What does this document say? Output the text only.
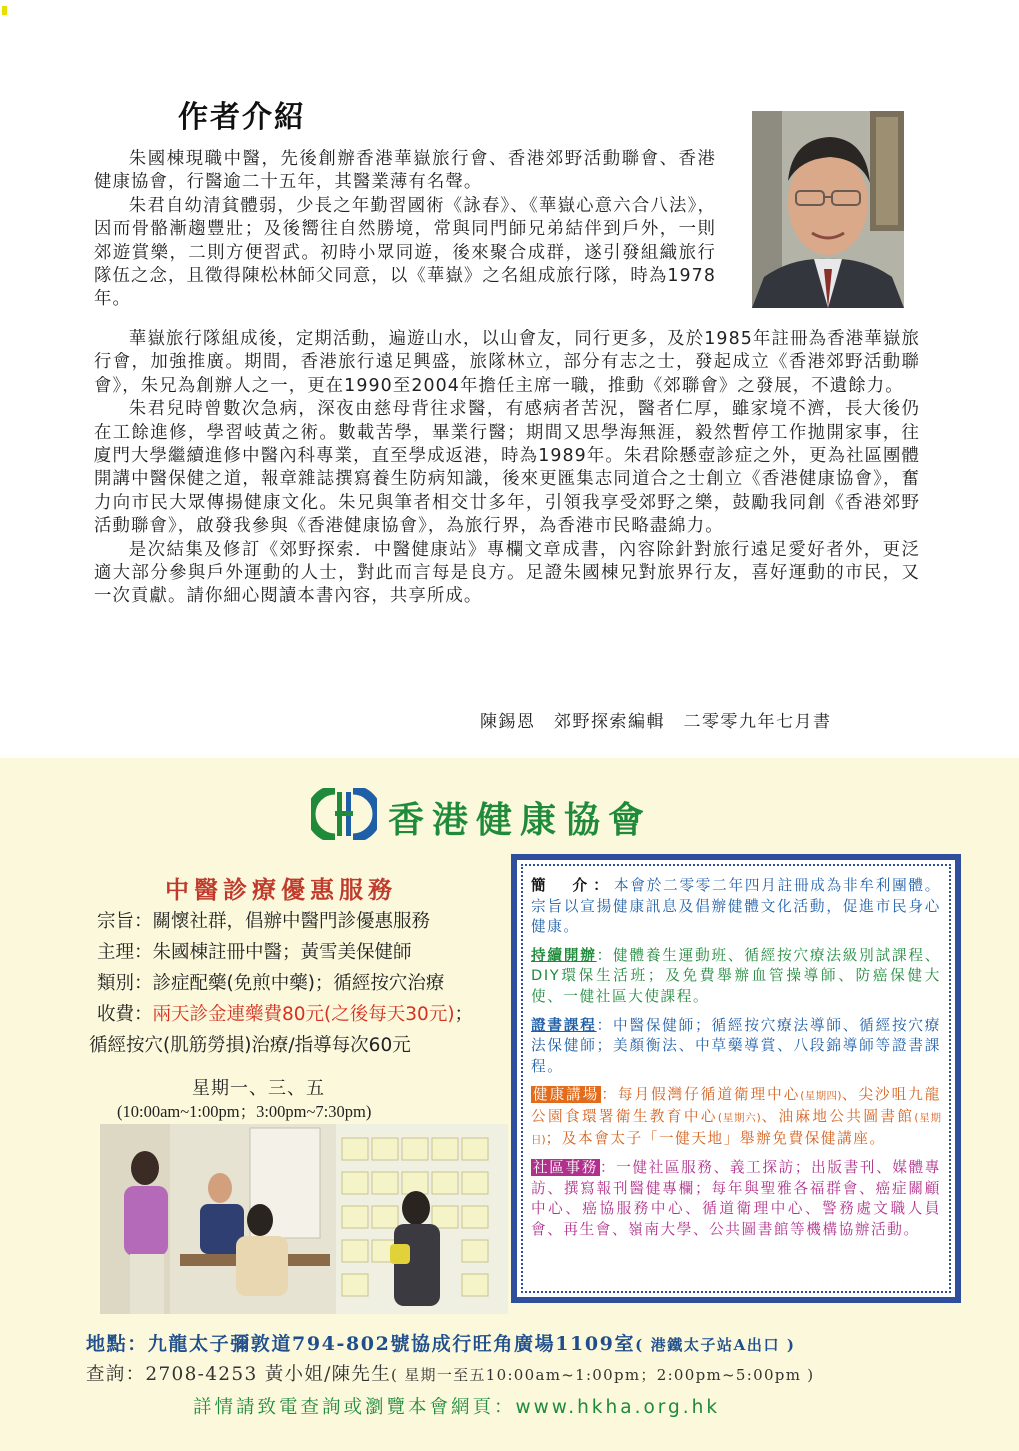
作者介紹

朱國棟現職中醫，先後創辦香港華嶽旅行會、香港郊野活動聯會、香港健康協會，行醫逾二十五年，其醫業薄有名聲。

朱君自幼清貧體弱，少長之年勤習國術《詠春》、《華嶽心意六合八法》，因而骨骼漸趨豐壯；及後嚮往自然勝境，常與同門師兄弟結伴到戶外，一則郊遊賞樂，二則方便習武。初時小眾同遊，後來聚合成群，遂引發組織旅行隊伍之念，且徵得陳松林師父同意，以《華嶽》之名組成旅行隊，時為1978年。

華嶽旅行隊組成後，定期活動，遍遊山水，以山會友，同行更多，及於1985年註冊為香港華嶽旅行會，加強推廣。期間，香港旅行遠足興盛，旅隊林立，部分有志之士，發起成立《香港郊野活動聯會》，朱兄為創辦人之一，更在1990至2004年擔任主席一職，推動《郊聯會》之發展，不遺餘力。

朱君兒時曾數次急病，深夜由慈母背往求醫，有感病者苦況，醫者仁厚，雖家境不濟，長大後仍在工餘進修，學習岐黃之術。數載苦學，畢業行醫；期間又思學海無涯，毅然暫停工作拋開家事，往廈門大學繼續進修中醫內科專業，直至學成返港，時為1989年。朱君除懸壺診症之外，更為社區團體開講中醫保健之道，報章雜誌撰寫養生防病知識，後來更匯集志同道合之士創立《香港健康協會》，奮力向市民大眾傳揚健康文化。朱兄與筆者相交廿多年，引領我享受郊野之樂，鼓勵我同創《香港郊野活動聯會》，啟發我參與《香港健康協會》，為旅行界，為香港市民略盡綿力。

是次結集及修訂《郊野探索．中醫健康站》專欄文章成書，內容除針對旅行遠足愛好者外，更泛適大部分參與戶外運動的人士，對此而言每是良方。足證朱國棟兄對旅界行友，喜好運動的市民，又一次貢獻。請你細心閱讀本書內容，共享所成。

陳錫恩　郊野探索編輯　二零零九年七月書
香港健康協會
中醫診療優惠服務
宗旨：關懷社群，倡辦中醫門診優惠服務
主理：朱國棟註冊中醫；黃雪美保健師
類別：診症配藥(免煎中藥)；循經按穴治療
收費：兩天診金連藥費80元(之後每天30元)；
循經按穴(肌筋勞損)治療/指導每次60元
星期一、三、五
(10:00am~1:00pm；3:00pm~7:30pm)
簡　介：本會於二零零二年四月註冊成為非牟利團體。宗旨以宣揚健康訊息及倡辦健體文化活動，促進市民身心健康。
持續開辦：健體養生運動班、循經按穴療法級別試課程、DIY環保生活班；及免費舉辦血管操導師、防癌保健大使、一健社區大使課程。
證書課程：中醫保健師；循經按穴療法導師、循經按穴療法保健師；美顏衡法、中草藥導賞、八段錦導師等證書課程。
健康講場 ：每月假灣仔循道衛理中心(星期四)、尖沙咀九龍公園食環署衛生教育中心(星期六)、油麻地公共圖書館(星期日)；及本會太子「一健天地」舉辦免費保健講座。
社區事務 ：一健社區服務、義工探訪；出版書刊、媒體專訪、撰寫報刊醫健專欄；每年與聖雅各福群會、癌症關顧中心、癌協服務中心、循道衛理中心、警務處文職人員會、再生會、嶺南大學、公共圖書館等機構協辦活動。
地點：九龍太子彌敦道794-802號協成行旺角廣場1109室( 港鐵太子站A出口 )
查詢：2708-4253 黃小姐/陳先生( 星期一至五10:00am~1:00pm；2:00pm~5:00pm )
詳情請致電查詢或瀏覽本會網頁：www.hkha.org.hk
